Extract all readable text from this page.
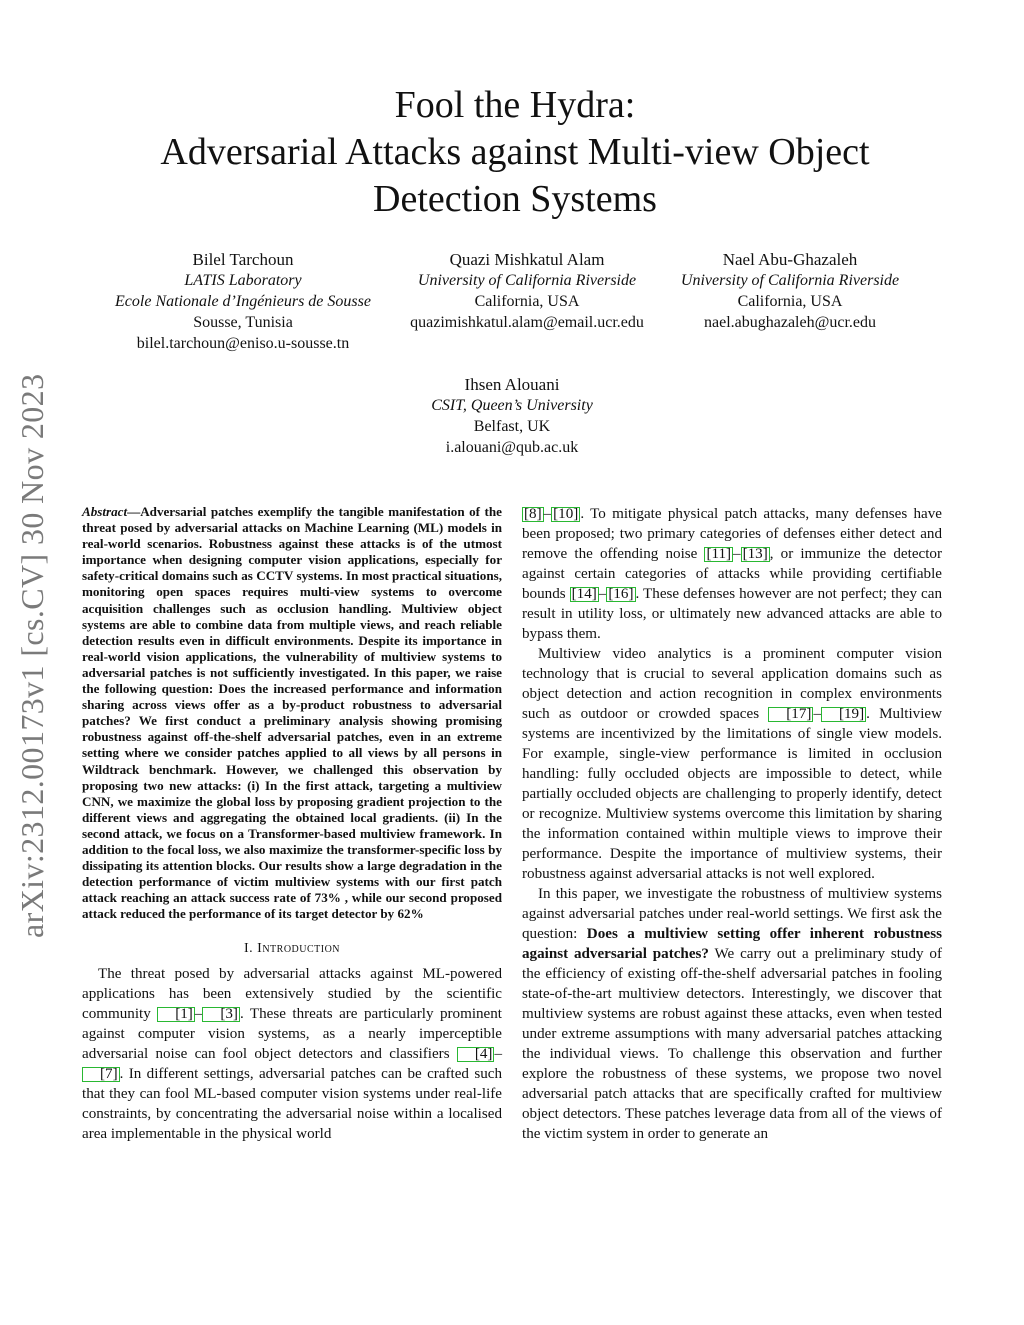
arXiv:2312.00173v1 [cs.CV] 30 Nov 2023
Fool the Hydra:
Adversarial Attacks against Multi-view Object
Detection Systems
Bilel Tarchoun
LATIS Laboratory
Ecole Nationale d’Ingénieurs de Sousse
Sousse, Tunisia
bilel.tarchoun@eniso.u-sousse.tn
Quazi Mishkatul Alam
University of California Riverside
California, USA
quazimishkatul.alam@email.ucr.edu
Nael Abu-Ghazaleh
University of California Riverside
California, USA
nael.abughazaleh@ucr.edu
Ihsen Alouani
CSIT, Queen’s University
Belfast, UK
i.alouani@qub.ac.uk

Abstract—Adversarial patches exemplify the tangible manifestation of the threat posed by adversarial attacks on Machine Learning (ML) models in real-world scenarios. Robustness against these attacks is of the utmost importance when designing computer vision applications, especially for safety-critical domains such as CCTV systems. In most practical situations, monitoring open spaces requires multi-view systems to overcome acquisition challenges such as occlusion handling. Multiview object systems are able to combine data from multiple views, and reach reliable detection results even in difficult environments. Despite its importance in real-world vision applications, the vulnerability of multiview systems to adversarial patches is not sufficiently investigated. In this paper, we raise the following question: Does the increased performance and information sharing across views offer as a by-product robustness to adversarial patches? We first conduct a preliminary analysis showing promising robustness against off-the-shelf adversarial patches, even in an extreme setting where we consider patches applied to all views by all persons in Wildtrack benchmark. However, we challenged this observation by proposing two new attacks: (i) In the first attack, targeting a multiview CNN, we maximize the global loss by proposing gradient projection to the different views and aggregating the obtained local gradients. (ii) In the second attack, we focus on a Transformer-based multiview framework. In addition to the focal loss, we also maximize the transformer-specific loss by dissipating its attention blocks. Our results show a large degradation in the detection performance of victim multiview systems with our first patch attack reaching an attack success rate of 73% , while our second proposed attack reduced the performance of its target detector by 62%

I. Introduction

The threat posed by adversarial attacks against ML-powered applications has been extensively studied by the scientific community [1] – [3] . These threats are particularly prominent against computer vision systems, as a nearly imperceptible adversarial noise can fool object detectors and classifiers [4] –[7] . In different settings, adversarial patches can be crafted such that they can fool ML-based computer vision systems under real-life constraints, by concentrating the adversarial noise within a localised area implementable in the physical world

[8] – [10] . To mitigate physical patch attacks, many defenses have been proposed; two primary categories of defenses either detect and remove the offending noise [11] – [13] , or immunize the detector against certain categories of attacks while providing certifiable bounds [14] – [16] . These defenses however are not perfect; they can result in utility loss, or ultimately new advanced attacks are able to bypass them.

Multiview video analytics is a prominent computer vision technology that is crucial to several application domains such as object detection and action recognition in complex environments such as outdoor or crowded spaces [17] – [19] . Multiview systems are incentivized by the limitations of single view models. For example, single-view performance is limited in occlusion handling: fully occluded objects are impossible to detect, while partially occluded objects are challenging to properly identify, detect or recognize. Multiview systems overcome this limitation by sharing the information contained within multiple views to improve their performance. Despite the importance of multiview systems, their robustness against adversarial attacks is not well explored.

In this paper, we investigate the robustness of multiview systems against adversarial patches under real-world settings. We first ask the question: Does a multiview setting offer inherent robustness against adversarial patches? We carry out a preliminary study of the efficiency of existing off-the-shelf adversarial patches in fooling state-of-the-art multiview detectors. Interestingly, we discover that multiview systems are robust against these attacks, even when tested under extreme assumptions with many adversarial patches attacking the individual views. To challenge this observation and further explore the robustness of these systems, we propose two novel adversarial patch attacks that are specifically crafted for multiview object detectors. These patches leverage data from all of the views of the victim system in order to generate an
